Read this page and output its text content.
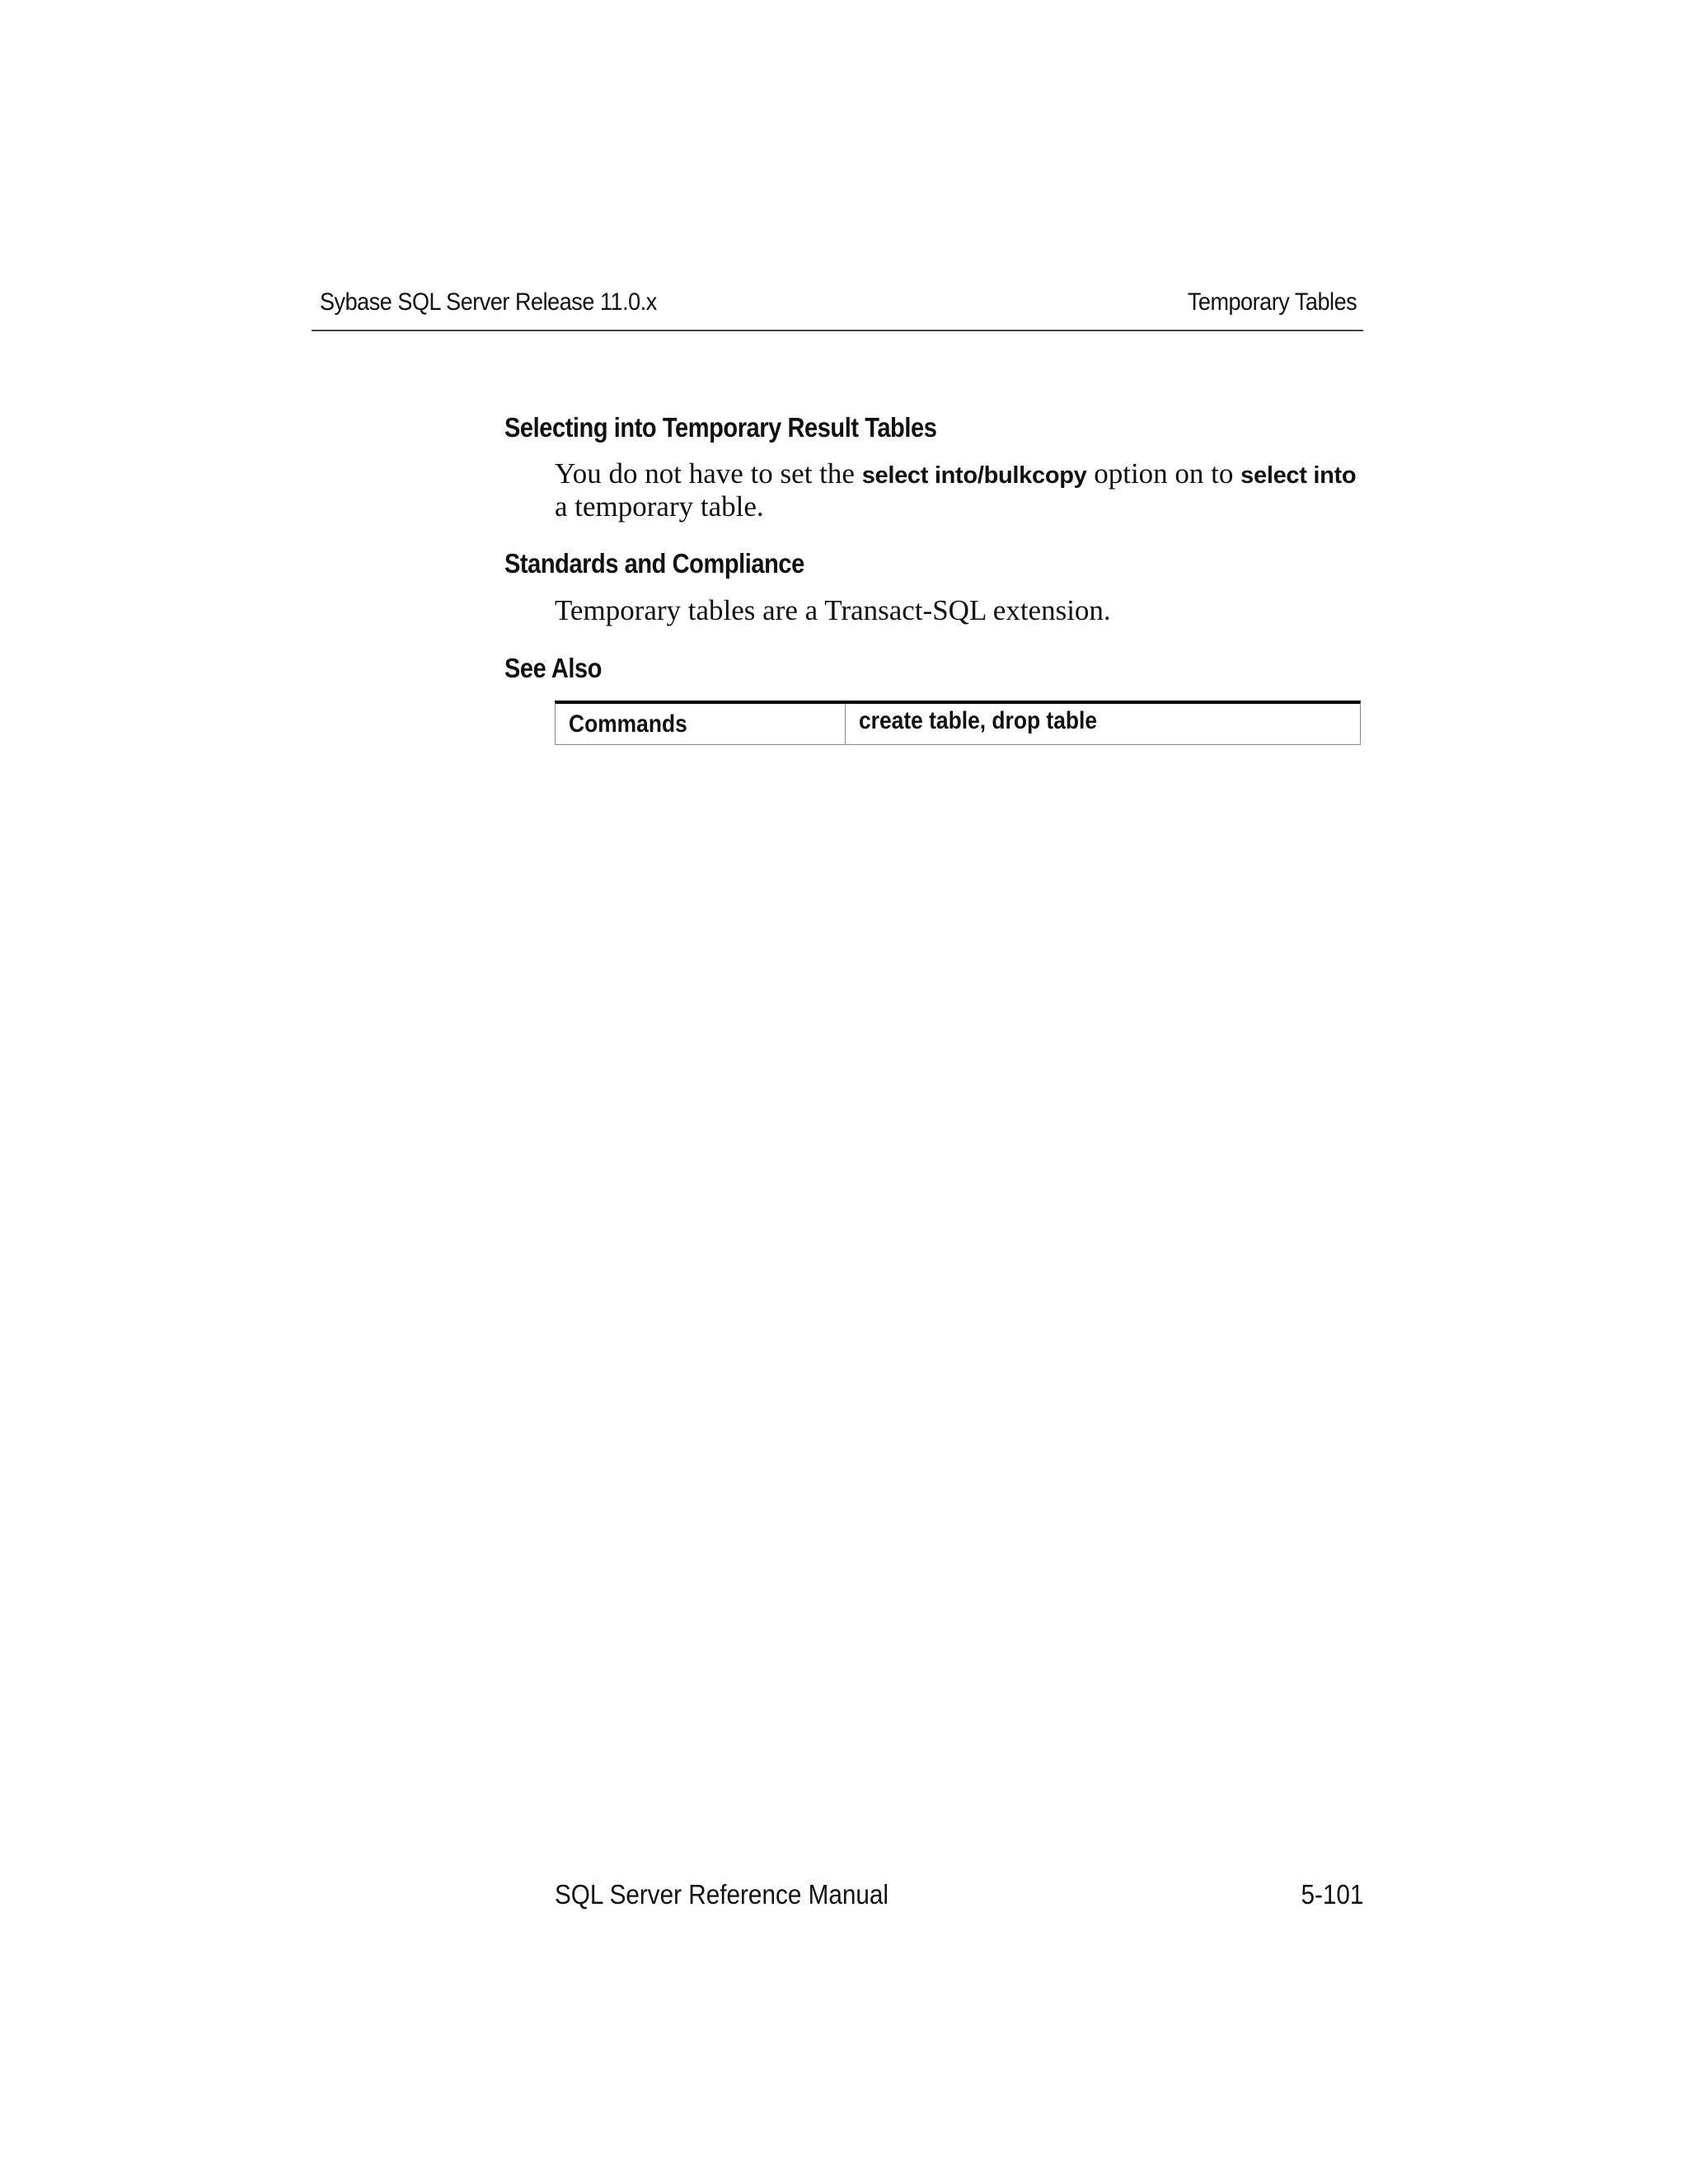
Sybase SQL Server Release 11.0.x	Temporary Tables
Selecting into Temporary Result Tables

You do not have to set the select into/bulkcopy option on to select into a temporary table.

Standards and Compliance

Temporary tables are a Transact-SQL extension.

See Also
Commands	create table, drop table
SQL Server Reference Manual	5-101
